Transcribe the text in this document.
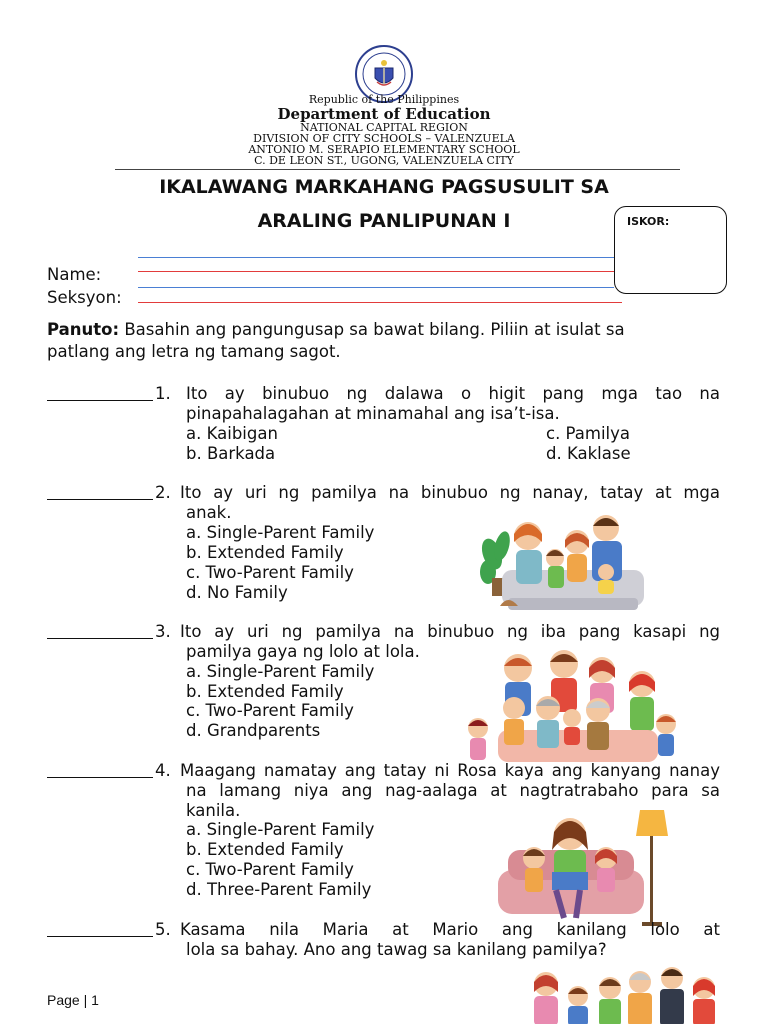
Republic of the Philippines
Department of Education
NATIONAL CAPITAL REGION
DIVISION OF CITY SCHOOLS – VALENZUELA
ANTONIO M. SERAPIO ELEMENTARY SCHOOL
C. DE LEON ST., UGONG, VALENZUELA CITY
IKALAWANG MARKAHANG PAGSUSULIT SA
ARALING PANLIPUNAN I	ISKOR:
Name:
Seksyon:
Panuto: Basahin ang pangungusap sa bawat bilang. Piliin at isulat sa
patlang ang letra ng tamang sagot.
1. Ito ay binubuo ng dalawa o higit pang mga tao na
pinapahalagahan at minamahal ang isa’t-isa.
a. Kaibigan	c. Pamilya
b. Barkada	d. Kaklase
2. Ito ay uri ng pamilya na binubuo ng nanay, tatay at mga
anak.
a. Single-Parent Family
b. Extended Family
c. Two-Parent Family
d. No Family
3. Ito ay uri ng pamilya na binubuo ng iba pang kasapi ng
pamilya gaya ng lolo at lola.
a. Single-Parent Family
b. Extended Family
c. Two-Parent Family
d. Grandparents
4. Maagang namatay ang tatay ni Rosa kaya ang kanyang nanay
na lamang niya ang nag-aalaga at nagtratrabaho para sa
kanila.
a. Single-Parent Family
b. Extended Family
c. Two-Parent Family
d. Three-Parent Family
5. Kasama nila Maria at Mario ang kanilang lolo at
lola sa bahay. Ano ang tawag sa kanilang pamilya?
Page | 1
